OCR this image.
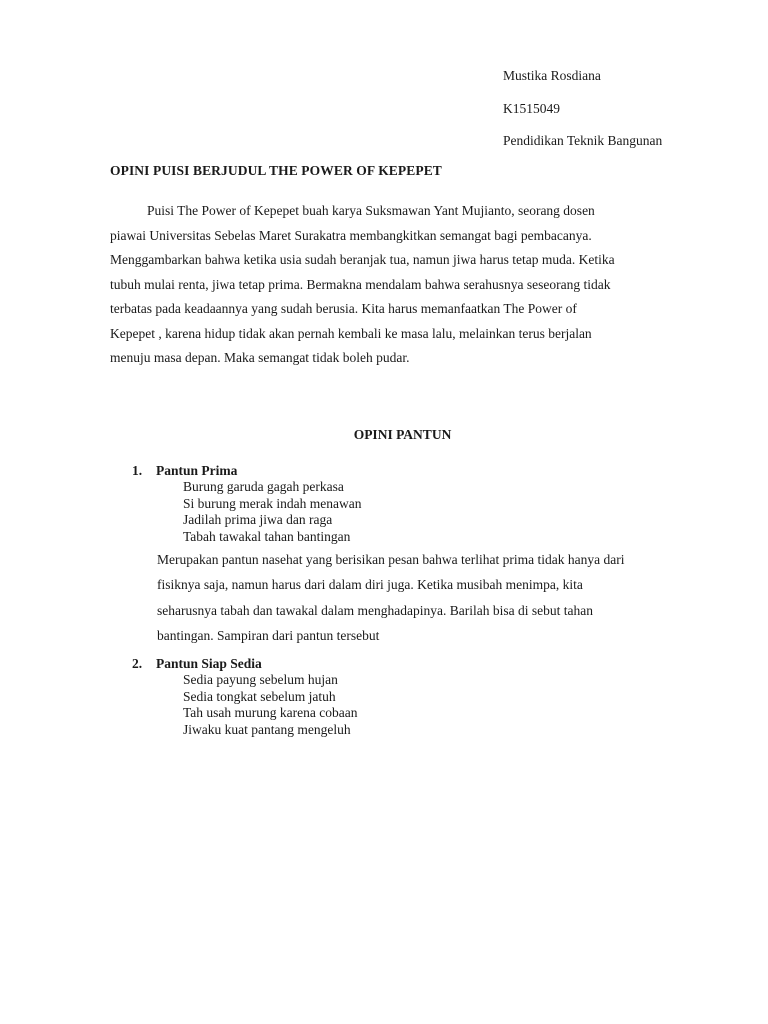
Mustika Rosdiana
K1515049
Pendidikan Teknik Bangunan
OPINI PUISI BERJUDUL THE POWER OF KEPEPET
Puisi The Power of Kepepet buah karya Suksmawan Yant Mujianto, seorang dosen
piawai Universitas Sebelas Maret Surakatra membangkitkan semangat bagi pembacanya.
Menggambarkan bahwa ketika usia sudah beranjak tua, namun jiwa harus tetap muda. Ketika
tubuh mulai renta, jiwa tetap prima. Bermakna mendalam bahwa serahusnya seseorang tidak
terbatas pada keadaannya yang sudah berusia. Kita harus memanfaatkan The Power of
Kepepet , karena hidup tidak akan pernah kembali ke masa lalu, melainkan terus berjalan
menuju masa depan. Maka semangat tidak boleh pudar.
OPINI PANTUN
1. Pantun Prima
Burung garuda gagah perkasa
Si burung merak indah menawan
Jadilah prima jiwa dan raga
Tabah tawakal tahan bantingan
Merupakan pantun nasehat yang berisikan pesan bahwa terlihat prima tidak hanya dari
fisiknya saja, namun harus dari dalam diri juga. Ketika musibah menimpa, kita
seharusnya tabah dan tawakal dalam menghadapinya. Barilah bisa di sebut tahan
bantingan. Sampiran dari pantun tersebut
2. Pantun Siap Sedia
Sedia payung sebelum hujan
Sedia tongkat sebelum jatuh
Tah usah murung karena cobaan
Jiwaku kuat pantang mengeluh
